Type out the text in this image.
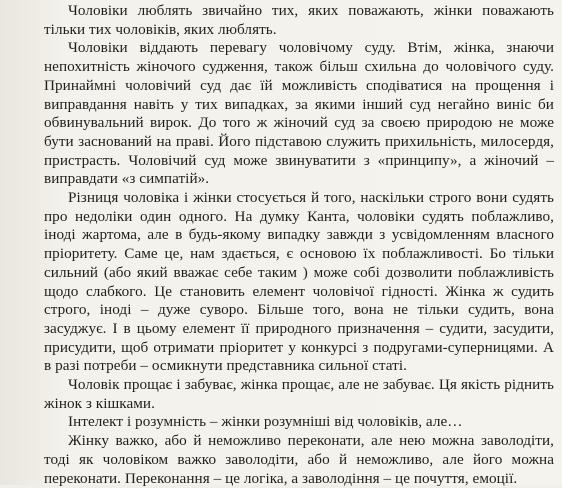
Чоловіки люблять звичайно тих, яких поважають, жінки поважають тільки тих чоловіків, яких люблять.

Чоловіки віддають перевагу чоловічому суду. Втім, жінка, знаючи непохитність жіночого судження, також більш схильна до чоловічого суду. Принаймні чоловічий суд дає їй можливість сподіватися на прощення і виправдання навіть у тих випадках, за якими інший суд негайно виніс би обвинувальний вирок. До того ж жіночий суд за своєю природою не може бути заснований на праві. Його підставою служить прихильність, милосердя, пристрасть. Чоловічий суд може звинуватити з «принципу», а жіночий – виправдати «з симпатій».

Різниця чоловіка і жінки стосується й того, наскільки строго вони судять про недоліки один одного. На думку Канта, чоловіки судять поблажливо, іноді жартома, але в будь-якому випадку завжди з усвідомленням власного пріоритету. Саме це, нам здається, є основою їх поблажливості. Бо тільки сильний (або який вважає себе таким ) може собі дозволити поблажливість щодо слабкого. Це становить елемент чоловічої гідності. Жінка ж судить строго, іноді – дуже суворо. Більше того, вона не тільки судить, вона засуджує. І в цьому елемент її природного призначення – судити, засудити, присудити, щоб отримати пріоритет у конкурсі з подругами-суперницями. А в разі потреби – осмикнути представника сильної статі.

Чоловік прощає і забуває, жінка прощає, але не забуває. Ця якість ріднить жінок з кішками.

Інтелект і розумність – жінки розумніші від чоловіків, але…

Жінку важко, або й неможливо переконати, але нею можна заволодіти, тоді як чоловіком важко заволодіти, або й неможливо, але його можна переконати. Переконання – це логіка, а заволодіння – це почуття, емоції.
